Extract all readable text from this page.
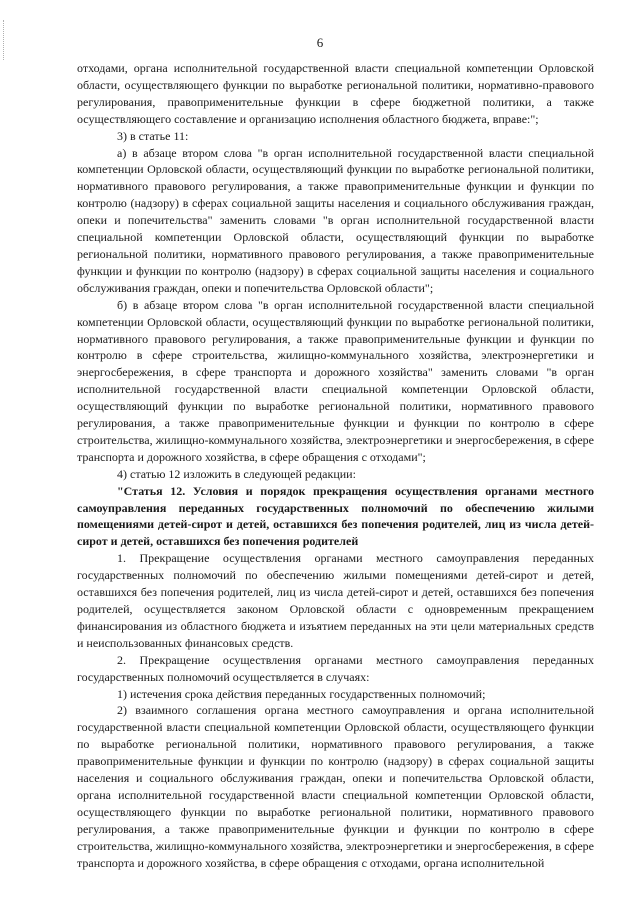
6

отходами, органа исполнительной государственной власти специальной компетенции Орловской области, осуществляющего функции по выработке региональной политики, нормативно-правового регулирования, правоприменительные функции в сфере бюджетной политики, а также осуществляющего составление и организацию исполнения областного бюджета, вправе:";

3) в статье 11:

а) в абзаце втором слова "в орган исполнительной государственной власти специальной компетенции Орловской области, осуществляющий функции по выработке региональной политики, нормативного правового регулирования, а также правоприменительные функции и функции по контролю (надзору) в сферах социальной защиты населения и социального обслуживания граждан, опеки и попечительства" заменить словами "в орган исполнительной государственной власти специальной компетенции Орловской области, осуществляющий функции по выработке региональной политики, нормативного правового регулирования, а также правоприменительные функции и функции по контролю (надзору) в сферах социальной защиты населения и социального обслуживания граждан, опеки и попечительства Орловской области";

б) в абзаце втором слова "в орган исполнительной государственной власти специальной компетенции Орловской области, осуществляющий функции по выработке региональной политики, нормативного правового регулирования, а также правоприменительные функции и функции по контролю в сфере строительства, жилищно-коммунального хозяйства, электроэнергетики и энергосбережения, в сфере транспорта и дорожного хозяйства" заменить словами "в орган исполнительной государственной власти специальной компетенции Орловской области, осуществляющий функции по выработке региональной политики, нормативного правового регулирования, а также правоприменительные функции и функции по контролю в сфере строительства, жилищно-коммунального хозяйства, электроэнергетики и энергосбережения, в сфере транспорта и дорожного хозяйства, в сфере обращения с отходами";

4) статью 12 изложить в следующей редакции:

"Статья 12. Условия и порядок прекращения осуществления органами местного самоуправления переданных государственных полномочий по обеспечению жилыми помещениями детей-сирот и детей, оставшихся без попечения родителей, лиц из числа детей-сирот и детей, оставшихся без попечения родителей

1. Прекращение осуществления органами местного самоуправления переданных государственных полномочий по обеспечению жилыми помещениями детей-сирот и детей, оставшихся без попечения родителей, лиц из числа детей-сирот и детей, оставшихся без попечения родителей, осуществляется законом Орловской области с одновременным прекращением финансирования из областного бюджета и изъятием переданных на эти цели материальных средств и неиспользованных финансовых средств.

2. Прекращение осуществления органами местного самоуправления переданных государственных полномочий осуществляется в случаях:

1) истечения срока действия переданных государственных полномочий;

2) взаимного соглашения органа местного самоуправления и органа исполнительной государственной власти специальной компетенции Орловской области, осуществляющего функции по выработке региональной политики, нормативного правового регулирования, а также правоприменительные функции и функции по контролю (надзору) в сферах социальной защиты населения и социального обслуживания граждан, опеки и попечительства Орловской области, органа исполнительной государственной власти специальной компетенции Орловской области, осуществляющего функции по выработке региональной политики, нормативного правового регулирования, а также правоприменительные функции и функции по контролю в сфере строительства, жилищно-коммунального хозяйства, электроэнергетики и энергосбережения, в сфере транспорта и дорожного хозяйства, в сфере обращения с отходами, органа исполнительной
